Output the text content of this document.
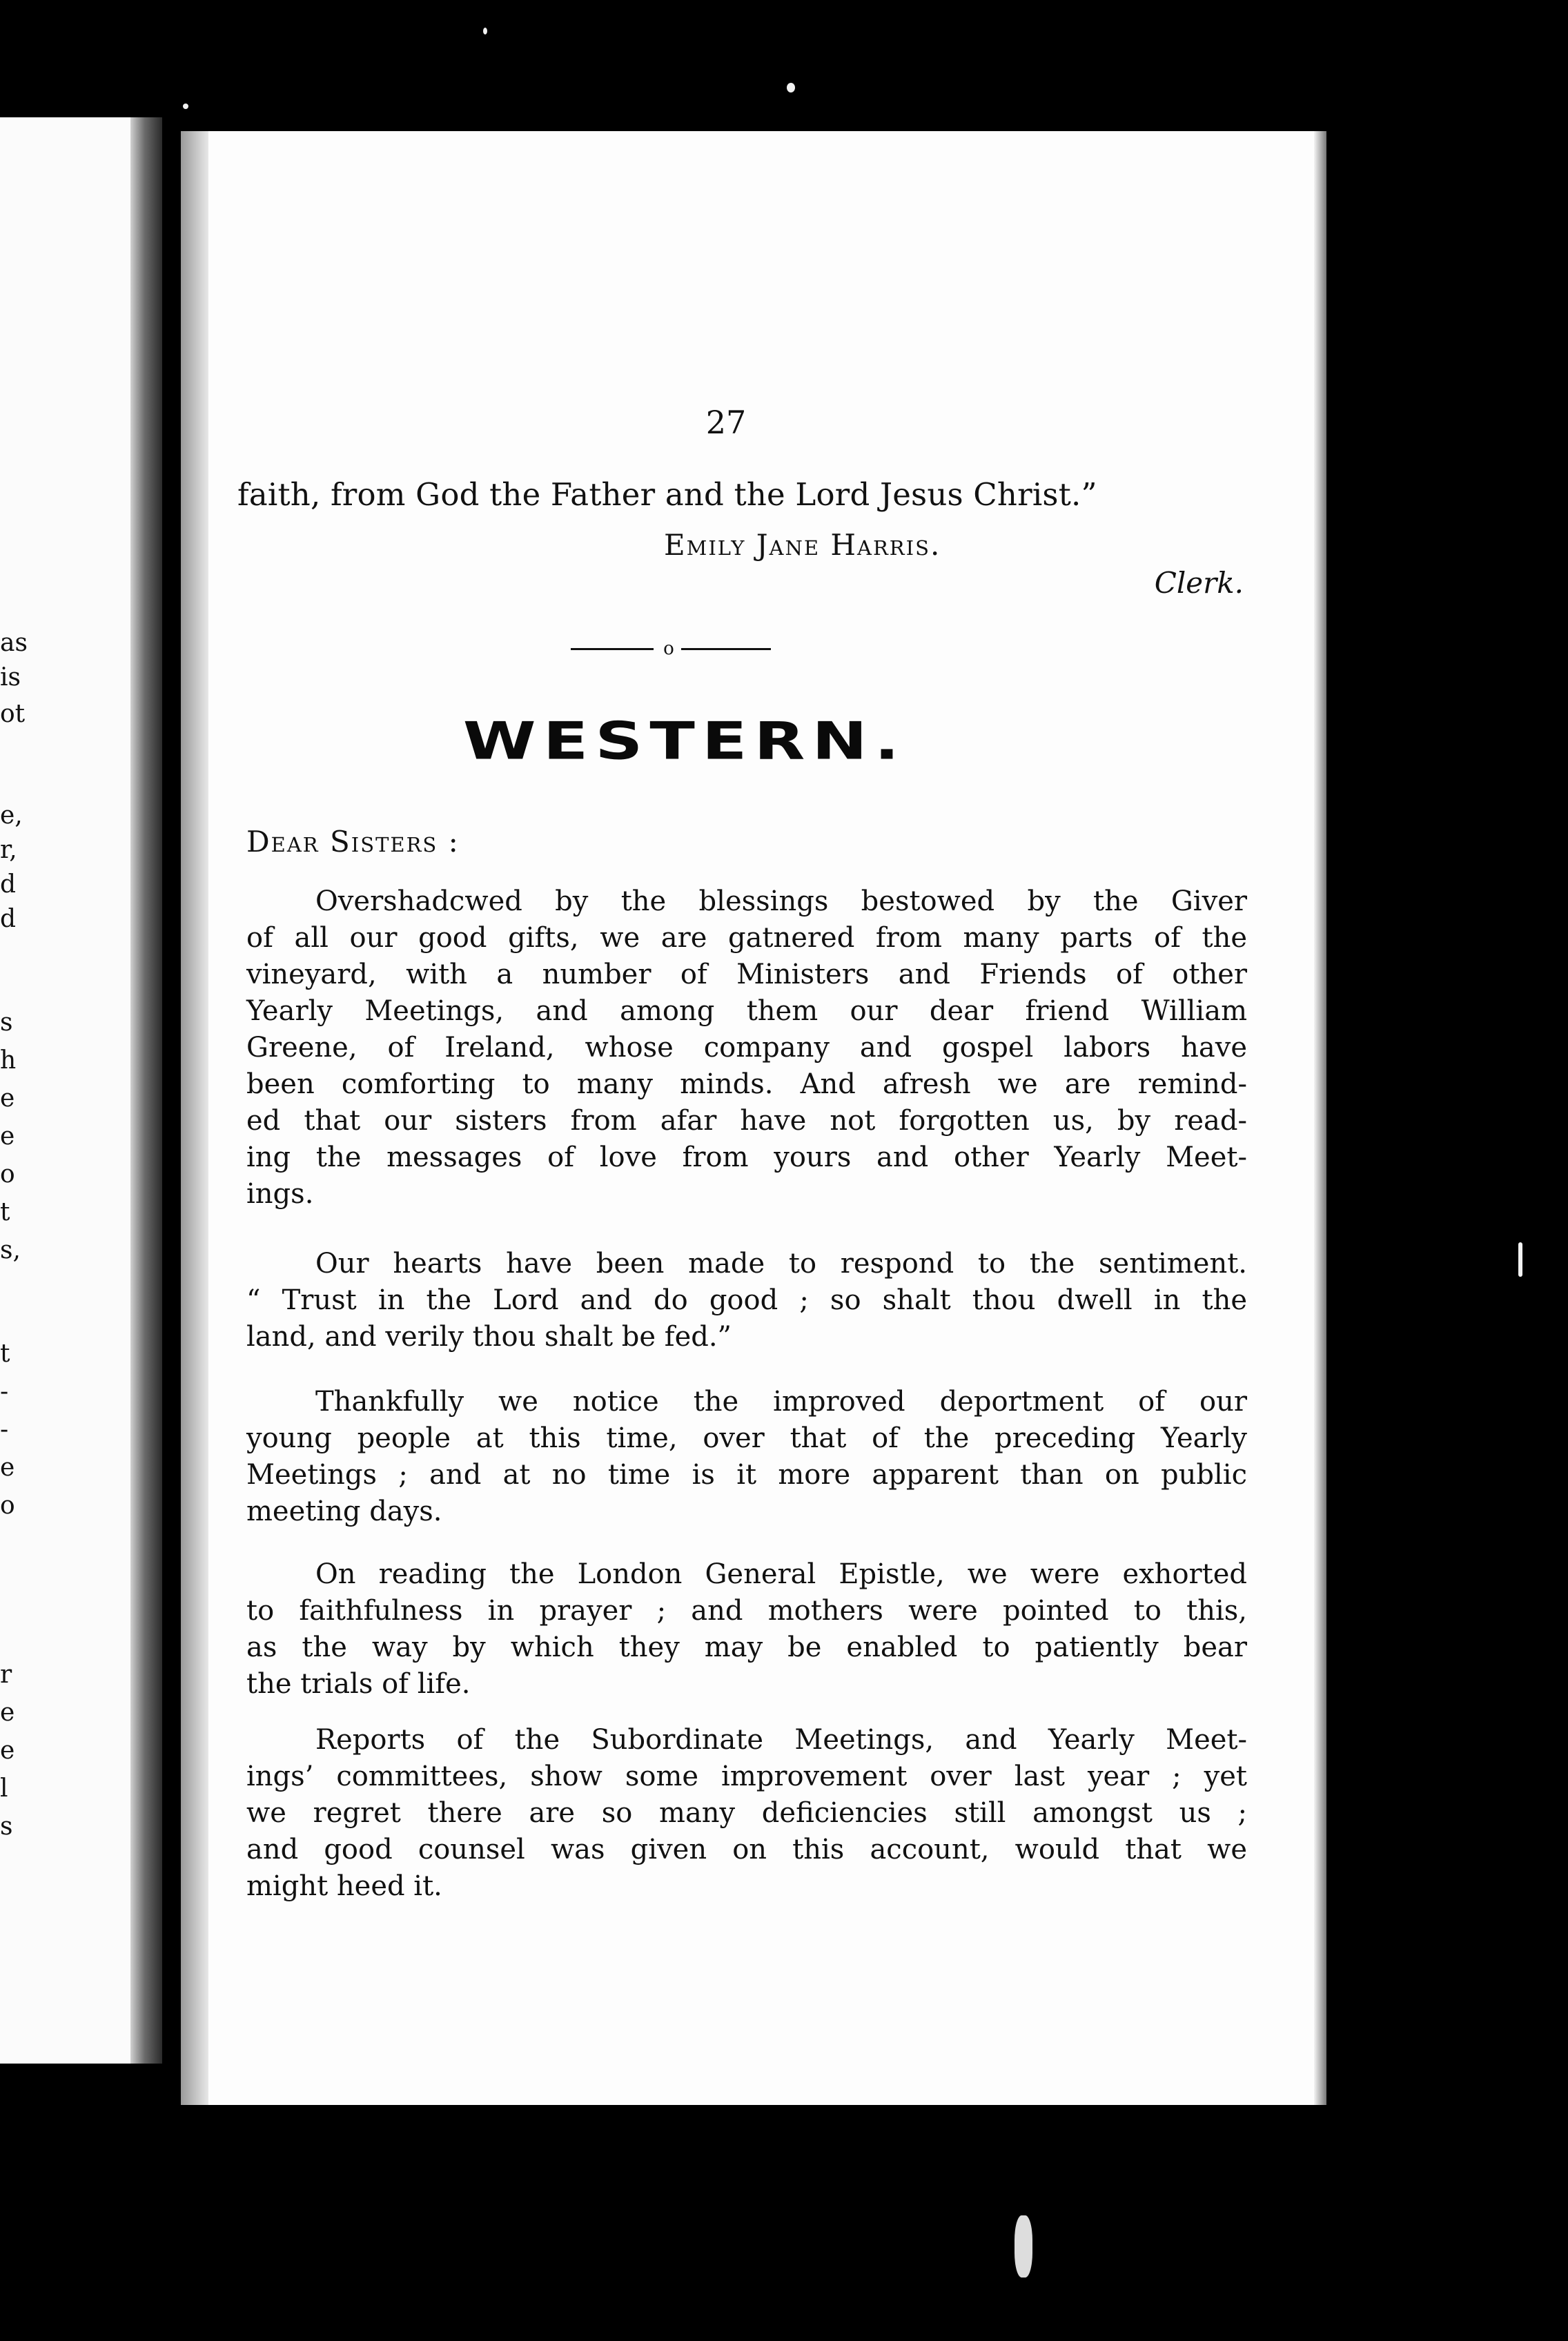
as
is
ot
e,
r,
d
d
s
h
e
e
o
t
s,
t
-
-
e
o
r
e
e
l
s
27
faith, from God the Father and the Lord Jesus Christ.”
Emily Jane Harris.
Clerk.
o
WESTERN.
Dear Sisters :
Overshadcwed by the blessings bestowed by the Giver
of all our good gifts, we are gatnered from many parts of the
vineyard, with a number of Ministers and Friends of other
Yearly Meetings, and among them our dear friend William
Greene, of Ireland, whose company and gospel labors have
been comforting to many minds. And afresh we are remind-
ed that our sisters from afar have not forgotten us, by read-
ing the messages of love from yours and other Yearly Meet-
ings.
Our hearts have been made to respond to the sentiment.
“ Trust in the Lord and do good ; so shalt thou dwell in the
land, and verily thou shalt be fed.”
Thankfully we notice the improved deportment of our
young people at this time, over that of the preceding Yearly
Meetings ; and at no time is it more apparent than on public
meeting days.
On reading the London General Epistle, we were exhorted
to faithfulness in prayer ; and mothers were pointed to this,
as the way by which they may be enabled to patiently bear
the trials of life.
Reports of the Subordinate Meetings, and Yearly Meet-
ings’ committees, show some improvement over last year ; yet
we regret there are so many deficiencies still amongst us ;
and good counsel was given on this account, would that we
might heed it.
